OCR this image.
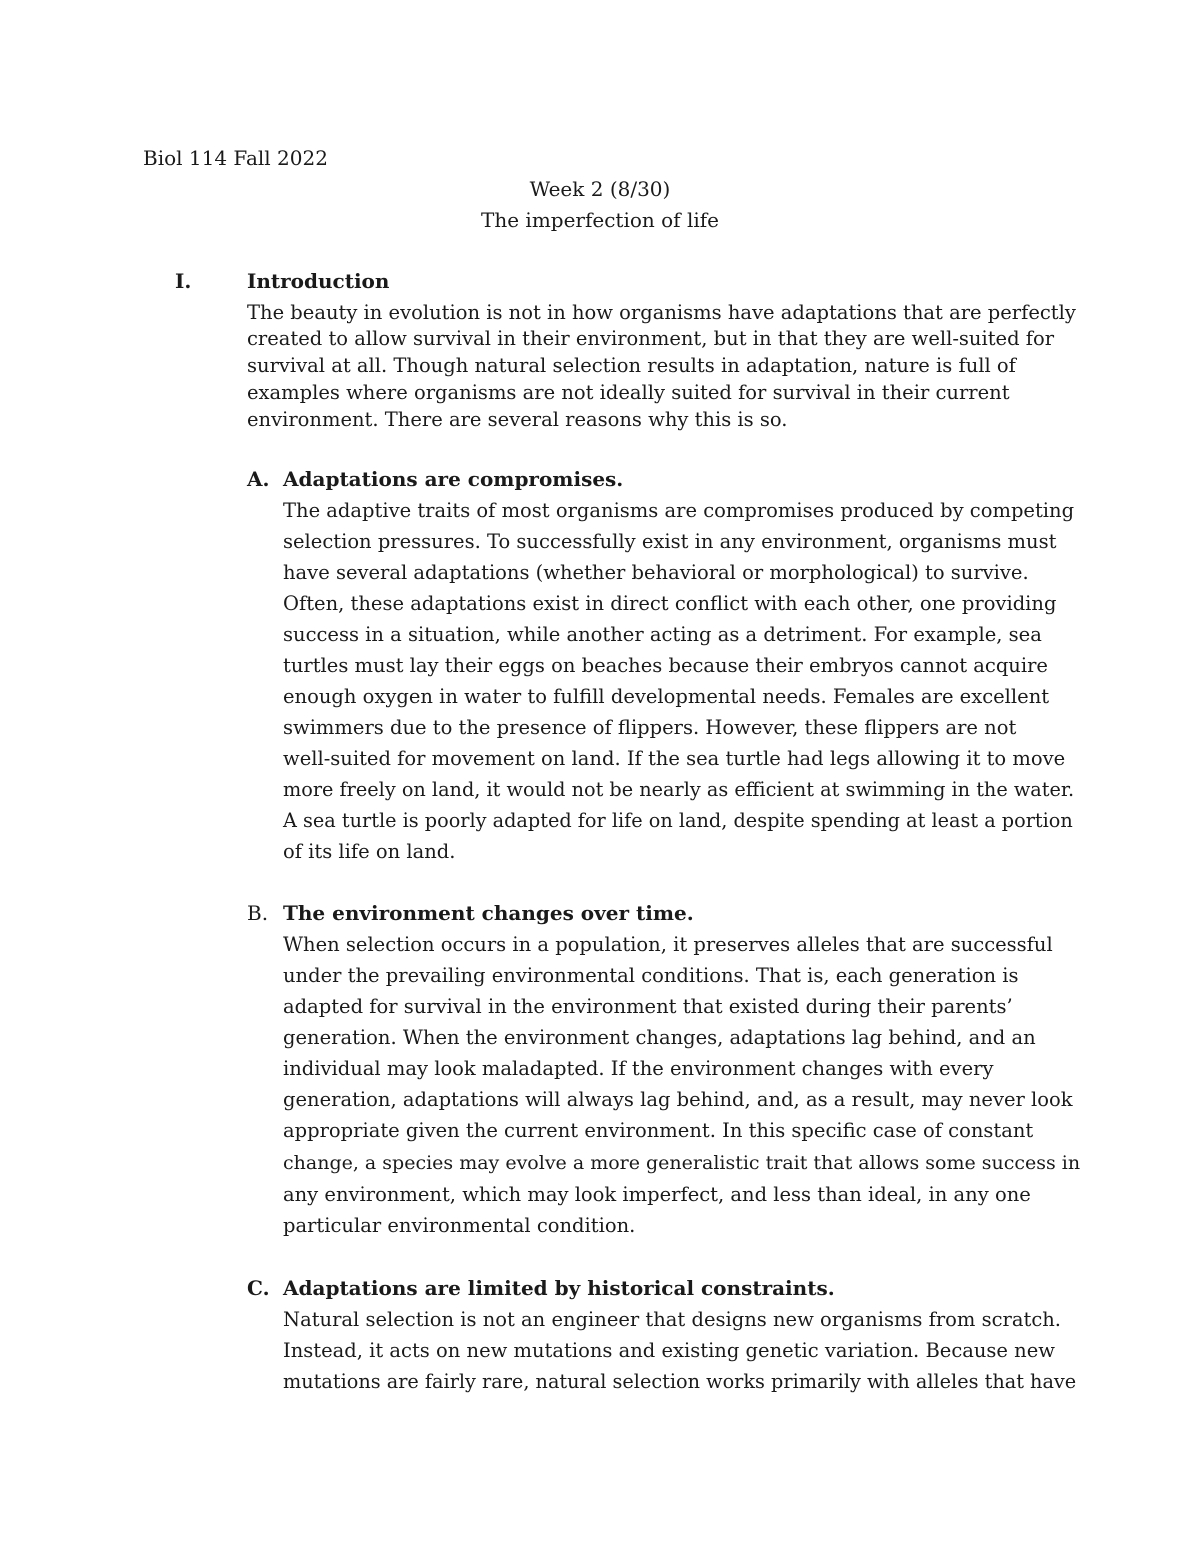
Biol 114 Fall 2022
Week 2 (8/30)
The imperfection of life
I.	Introduction
The beauty in evolution is not in how organisms have adaptations that are perfectly
created to allow survival in their environment, but in that they are well-suited for
survival at all. Though natural selection results in adaptation, nature is full of
examples where organisms are not ideally suited for survival in their current
environment. There are several reasons why this is so.
A. Adaptations are compromises.
The adaptive traits of most organisms are compromises produced by competing
selection pressures. To successfully exist in any environment, organisms must
have several adaptations (whether behavioral or morphological) to survive.
Often, these adaptations exist in direct conflict with each other, one providing
success in a situation, while another acting as a detriment. For example, sea
turtles must lay their eggs on beaches because their embryos cannot acquire
enough oxygen in water to fulfill developmental needs. Females are excellent
swimmers due to the presence of flippers. However, these flippers are not
well-suited for movement on land. If the sea turtle had legs allowing it to move
more freely on land, it would not be nearly as efficient at swimming in the water.
A sea turtle is poorly adapted for life on land, despite spending at least a portion
of its life on land.
B. The environment changes over time.
When selection occurs in a population, it preserves alleles that are successful
under the prevailing environmental conditions. That is, each generation is
adapted for survival in the environment that existed during their parents’
generation. When the environment changes, adaptations lag behind, and an
individual may look maladapted. If the environment changes with every
generation, adaptations will always lag behind, and, as a result, may never look
appropriate given the current environment. In this specific case of constant
change, a species may evolve a more generalistic trait that allows some success in
any environment, which may look imperfect, and less than ideal, in any one
particular environmental condition.
C. Adaptations are limited by historical constraints.
Natural selection is not an engineer that designs new organisms from scratch.
Instead, it acts on new mutations and existing genetic variation. Because new
mutations are fairly rare, natural selection works primarily with alleles that have
